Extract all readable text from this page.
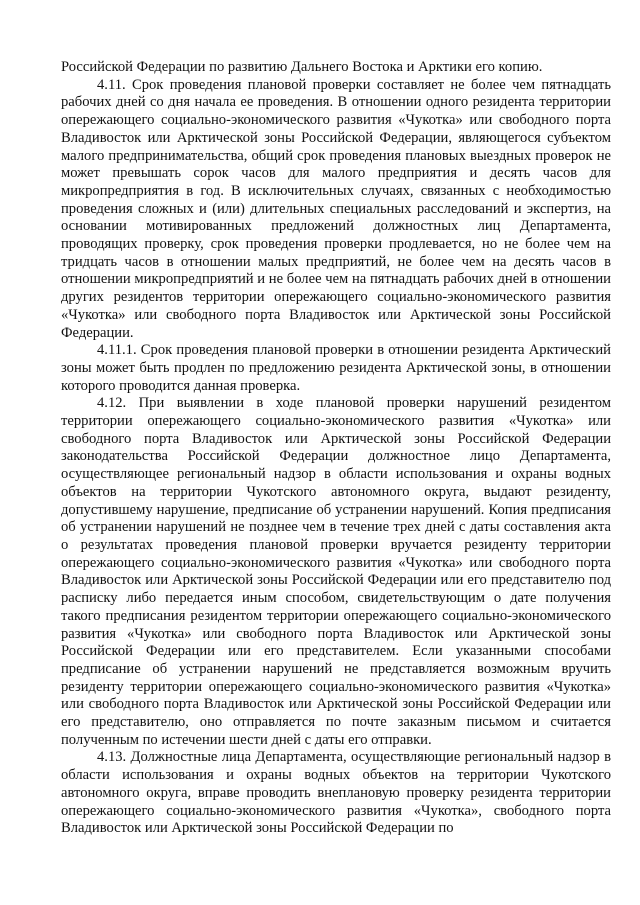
Российской Федерации по развитию Дальнего Востока и Арктики его копию.

4.11. Срок проведения плановой проверки составляет не более чем пятнадцать рабочих дней со дня начала ее проведения. В отношении одного резидента территории опережающего социально-экономического развития «Чукотка» или свободного порта Владивосток или Арктической зоны Российской Федерации, являющегося субъектом малого предпринимательства, общий срок проведения плановых выездных проверок не может превышать сорок часов для малого предприятия и десять часов для микропредприятия в год. В исключительных случаях, связанных с необходимостью проведения сложных и (или) длительных специальных расследований и экспертиз, на основании мотивированных предложений должностных лиц Департамента, проводящих проверку, срок проведения проверки продлевается, но не более чем на тридцать часов в отношении малых предприятий, не более чем на десять часов в отношении микропредприятий и не более чем на пятнадцать рабочих дней в отношении других резидентов территории опережающего социально-экономического развития «Чукотка» или свободного порта Владивосток или Арктической зоны Российской Федерации.

4.11.1. Срок проведения плановой проверки в отношении резидента Арктический зоны может быть продлен по предложению резидента Арктической зоны, в отношении которого проводится данная проверка.

4.12. При выявлении в ходе плановой проверки нарушений резидентом территории опережающего социально-экономического развития «Чукотка» или свободного порта Владивосток или Арктической зоны Российской Федерации законодательства Российской Федерации должностное лицо Департамента, осуществляющее региональный надзор в области использования и охраны водных объектов на территории Чукотского автономного округа, выдают резиденту, допустившему нарушение, предписание об устранении нарушений. Копия предписания об устранении нарушений не позднее чем в течение трех дней с даты составления акта о результатах проведения плановой проверки вручается резиденту территории опережающего социально-экономического развития «Чукотка» или свободного порта Владивосток или Арктической зоны Российской Федерации или его представителю под расписку либо передается иным способом, свидетельствующим о дате получения такого предписания резидентом территории опережающего социально-экономического развития «Чукотка» или свободного порта Владивосток или Арктической зоны Российской Федерации или его представителем. Если указанными способами предписание об устранении нарушений не представляется возможным вручить резиденту территории опережающего социально-экономического развития «Чукотка» или свободного порта Владивосток или Арктической зоны Российской Федерации или его представителю, оно отправляется по почте заказным письмом и считается полученным по истечении шести дней с даты его отправки.

4.13. Должностные лица Департамента, осуществляющие региональный надзор в области использования и охраны водных объектов на территории Чукотского автономного округа, вправе проводить внеплановую проверку резидента территории опережающего социально-экономического развития «Чукотка», свободного порта Владивосток или Арктической зоны Российской Федерации по
